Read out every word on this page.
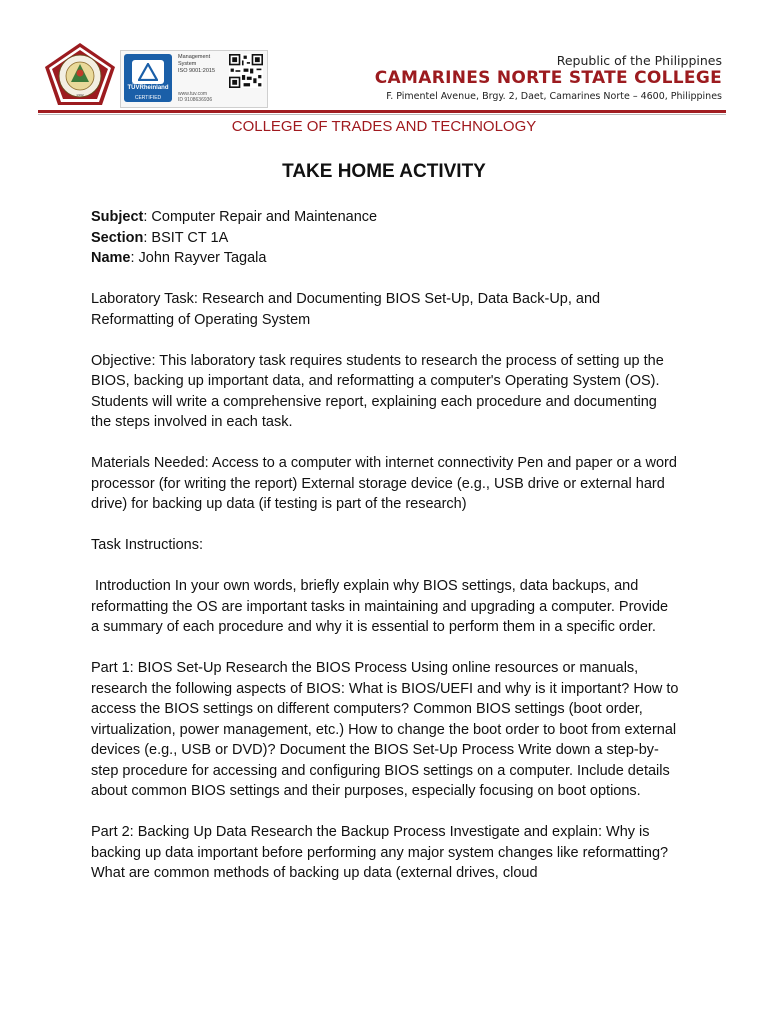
1992
TÜVRheinland
CERTIFIED
Management
System
ISO 9001:2015
www.tuv.com
ID 9108636936
Republic of the Philippines
CAMARINES NORTE STATE COLLEGE
F. Pimentel Avenue, Brgy. 2, Daet, Camarines Norte – 4600, Philippines
COLLEGE OF TRADES AND TECHNOLOGY
TAKE HOME ACTIVITY

Subject: Computer Repair and Maintenance

Section: BSIT CT 1A

Name: John Rayver Tagala

Laboratory Task: Research and Documenting BIOS Set-Up, Data Back-Up, and Reformatting of Operating System

Objective: This laboratory task requires students to research the process of setting up the BIOS, backing up important data, and reformatting a computer's Operating System (OS). Students will write a comprehensive report, explaining each procedure and documenting the steps involved in each task.

Materials Needed: Access to a computer with internet connectivity Pen and paper or a word processor (for writing the report) External storage device (e.g., USB drive or external hard drive) for backing up data (if testing is part of the research)

Task Instructions:

Introduction In your own words, briefly explain why BIOS settings, data backups, and reformatting the OS are important tasks in maintaining and upgrading a computer. Provide a summary of each procedure and why it is essential to perform them in a specific order.

Part 1: BIOS Set-Up Research the BIOS Process Using online resources or manuals, research the following aspects of BIOS: What is BIOS/UEFI and why is it important? How to access the BIOS settings on different computers? Common BIOS settings (boot order, virtualization, power management, etc.) How to change the boot order to boot from external devices (e.g., USB or DVD)? Document the BIOS Set-Up Process Write down a step-by-step procedure for accessing and configuring BIOS settings on a computer. Include details about common BIOS settings and their purposes, especially focusing on boot options.

Part 2: Backing Up Data Research the Backup Process Investigate and explain: Why is backing up data important before performing any major system changes like reformatting? What are common methods of backing up data (external drives, cloud
